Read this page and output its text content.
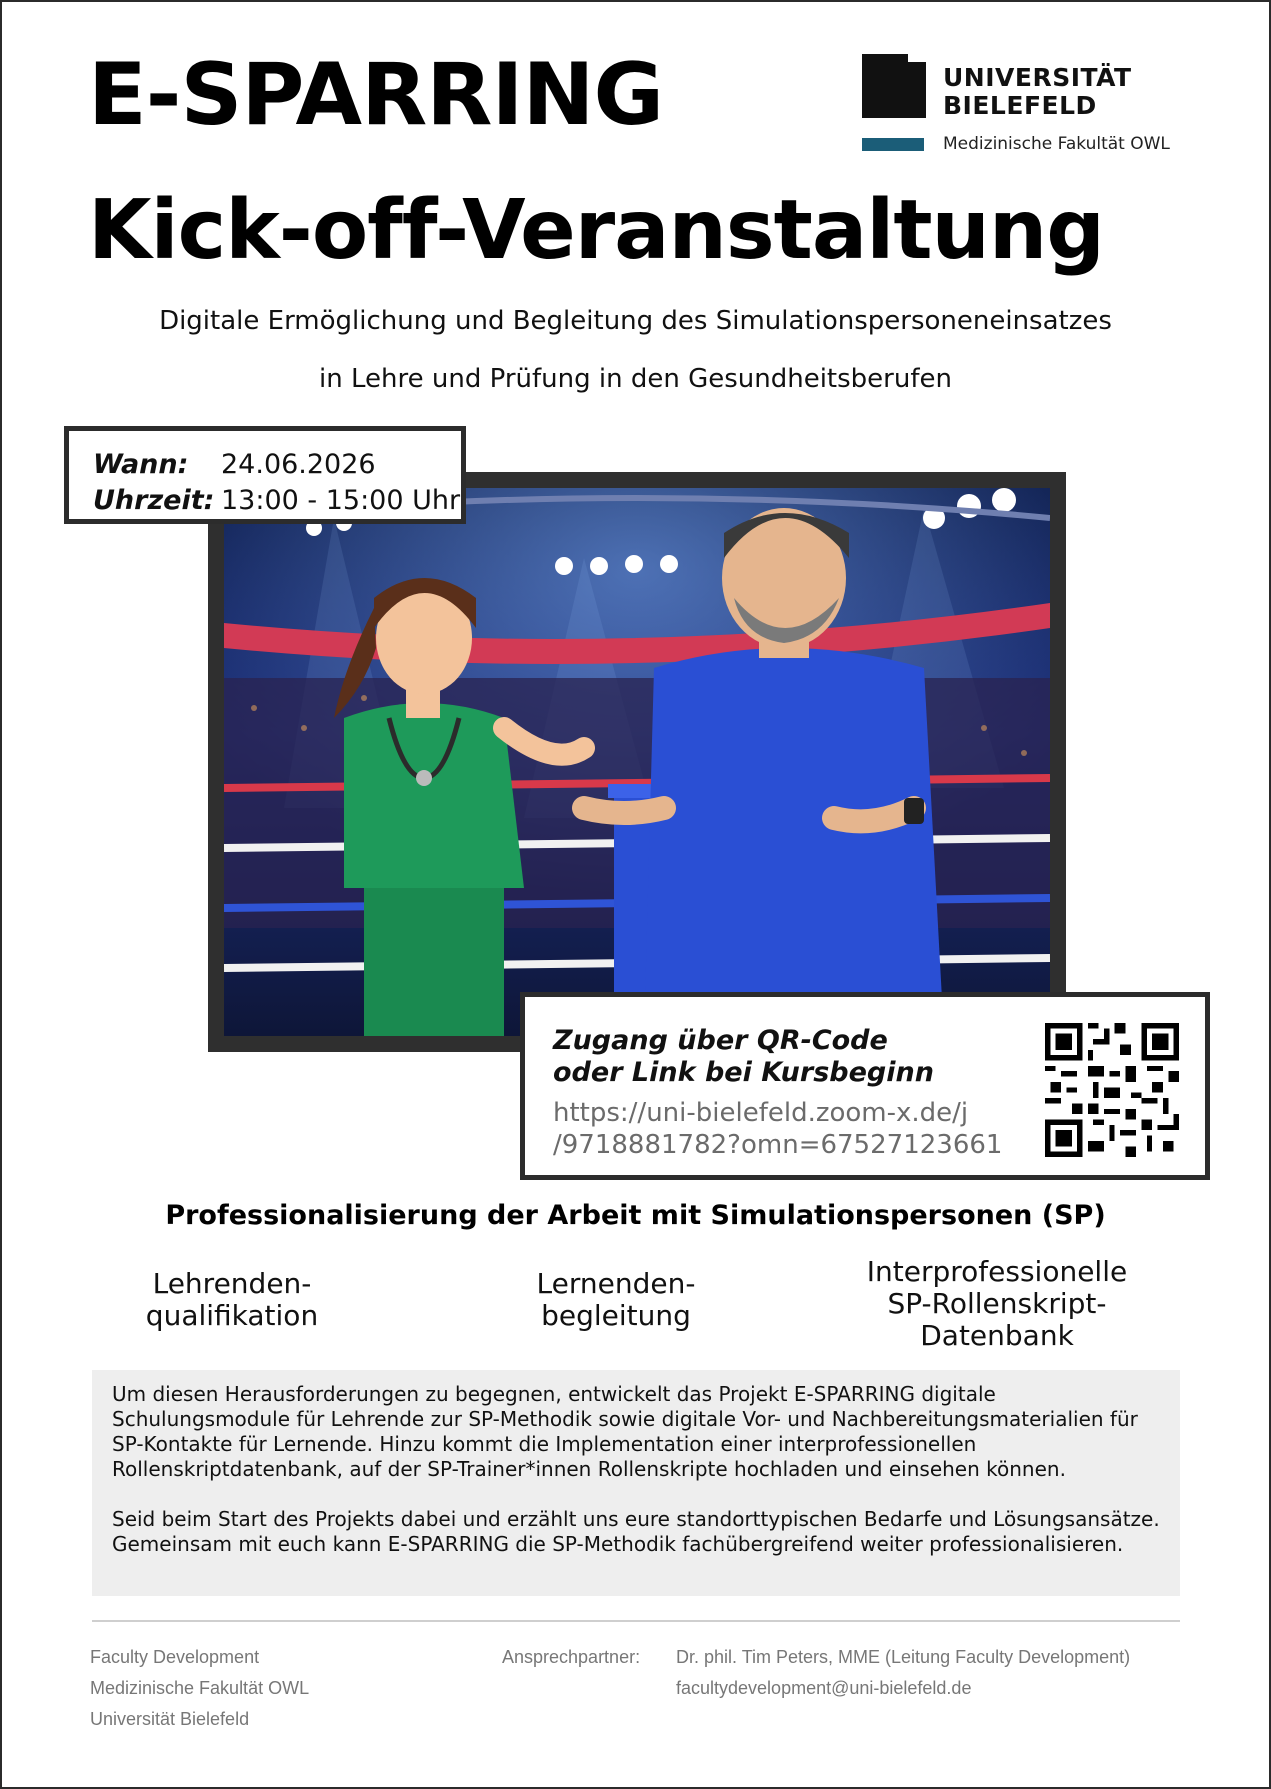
E-SPARRING
Kick-off-Veranstaltung
UNIVERSITÄT
BIELEFELD
Medizinische Fakultät OWL
Digitale Ermöglichung und Begleitung des Simulationspersoneneinsatzes
in Lehre und Prüfung in den Gesundheitsberufen
Wann: 24.06.2026
Uhrzeit: 13:00 - 15:00 Uhr
Zugang über QR-Code
oder Link bei Kursbeginn
https://uni-bielefeld.zoom-x.de/j
/9718881782?omn=67527123661
Professionalisierung der Arbeit mit Simulationspersonen (SP)
Lehrenden-
qualifikation
Lernenden-
begleitung
Interprofessionelle
SP-Rollenskript-
Datenbank

Um diesen Herausforderungen zu begegnen, entwickelt das Projekt E-SPARRING digitale Schulungsmodule für Lehrende zur SP-Methodik sowie digitale Vor- und Nachbereitungsmaterialien für SP-Kontakte für Lernende. Hinzu kommt die Implementation einer interprofessionellen Rollenskriptdatenbank, auf der SP-Trainer*innen Rollenskripte hochladen und einsehen können.

Seid beim Start des Projekts dabei und erzählt uns eure standorttypischen Bedarfe und Lösungsansätze. Gemeinsam mit euch kann E-SPARRING die SP-Methodik fachübergreifend weiter professionalisieren.

Faculty Development
Medizinische Fakultät OWL
Universität Bielefeld
Ansprechpartner: Dr. phil. Tim Peters, MME (Leitung Faculty Development)
facultydevelopment@uni-bielefeld.de
